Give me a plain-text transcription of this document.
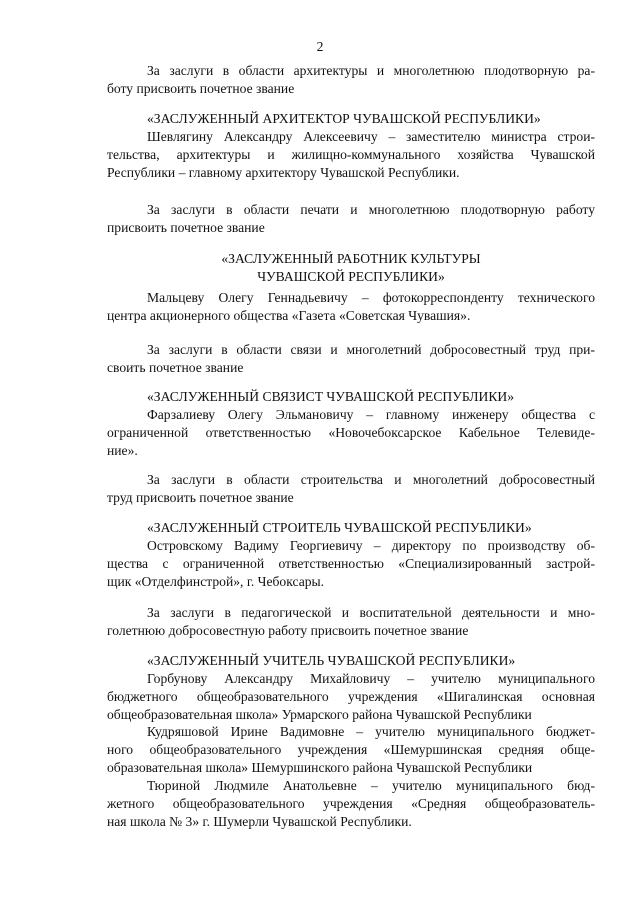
2
За заслуги в области архитектуры и многолетнюю плодотворную ра-
боту присвоить почетное звание
«ЗАСЛУЖЕННЫЙ АРХИТЕКТОР ЧУВАШСКОЙ РЕСПУБЛИКИ»
Шевлягину Александру Алексеевичу – заместителю министра строи-
тельства, архитектуры и жилищно-коммунального хозяйства Чувашской
Республики – главному архитектору Чувашской Республики.
За заслуги в области печати и многолетнюю плодотворную работу
присвоить почетное звание
«ЗАСЛУЖЕННЫЙ РАБОТНИК КУЛЬТУРЫ
ЧУВАШСКОЙ РЕСПУБЛИКИ»
Мальцеву Олегу Геннадьевичу – фотокорреспонденту технического
центра акционерного общества «Газета «Советская Чувашия».
За заслуги в области связи и многолетний добросовестный труд при-
своить почетное звание
«ЗАСЛУЖЕННЫЙ СВЯЗИСТ ЧУВАШСКОЙ РЕСПУБЛИКИ»
Фарзалиеву Олегу Эльмановичу – главному инженеру общества с
ограниченной ответственностью «Новочебоксарское Кабельное Телевиде-
ние».
За заслуги в области строительства и многолетний добросовестный
труд присвоить почетное звание
«ЗАСЛУЖЕННЫЙ СТРОИТЕЛЬ ЧУВАШСКОЙ РЕСПУБЛИКИ»
Островскому Вадиму Георгиевичу – директору по производству об-
щества с ограниченной ответственностью «Специализированный застрой-
щик «Отделфинстрой», г. Чебоксары.
За заслуги в педагогической и воспитательной деятельности и мно-
голетнюю добросовестную работу присвоить почетное звание
«ЗАСЛУЖЕННЫЙ УЧИТЕЛЬ ЧУВАШСКОЙ РЕСПУБЛИКИ»
Горбунову Александру Михайловичу – учителю муниципального
бюджетного общеобразовательного учреждения «Шигалинская основная
общеобразовательная школа» Урмарского района Чувашской Республики
Кудряшовой Ирине Вадимовне – учителю муниципального бюджет-
ного общеобразовательного учреждения «Шемуршинская средняя обще-
образовательная школа» Шемуршинского района Чувашской Республики
Тюриной Людмиле Анатольевне – учителю муниципального бюд-
жетного общеобразовательного учреждения «Средняя общеобразователь-
ная школа № 3» г. Шумерли Чувашской Республики.
